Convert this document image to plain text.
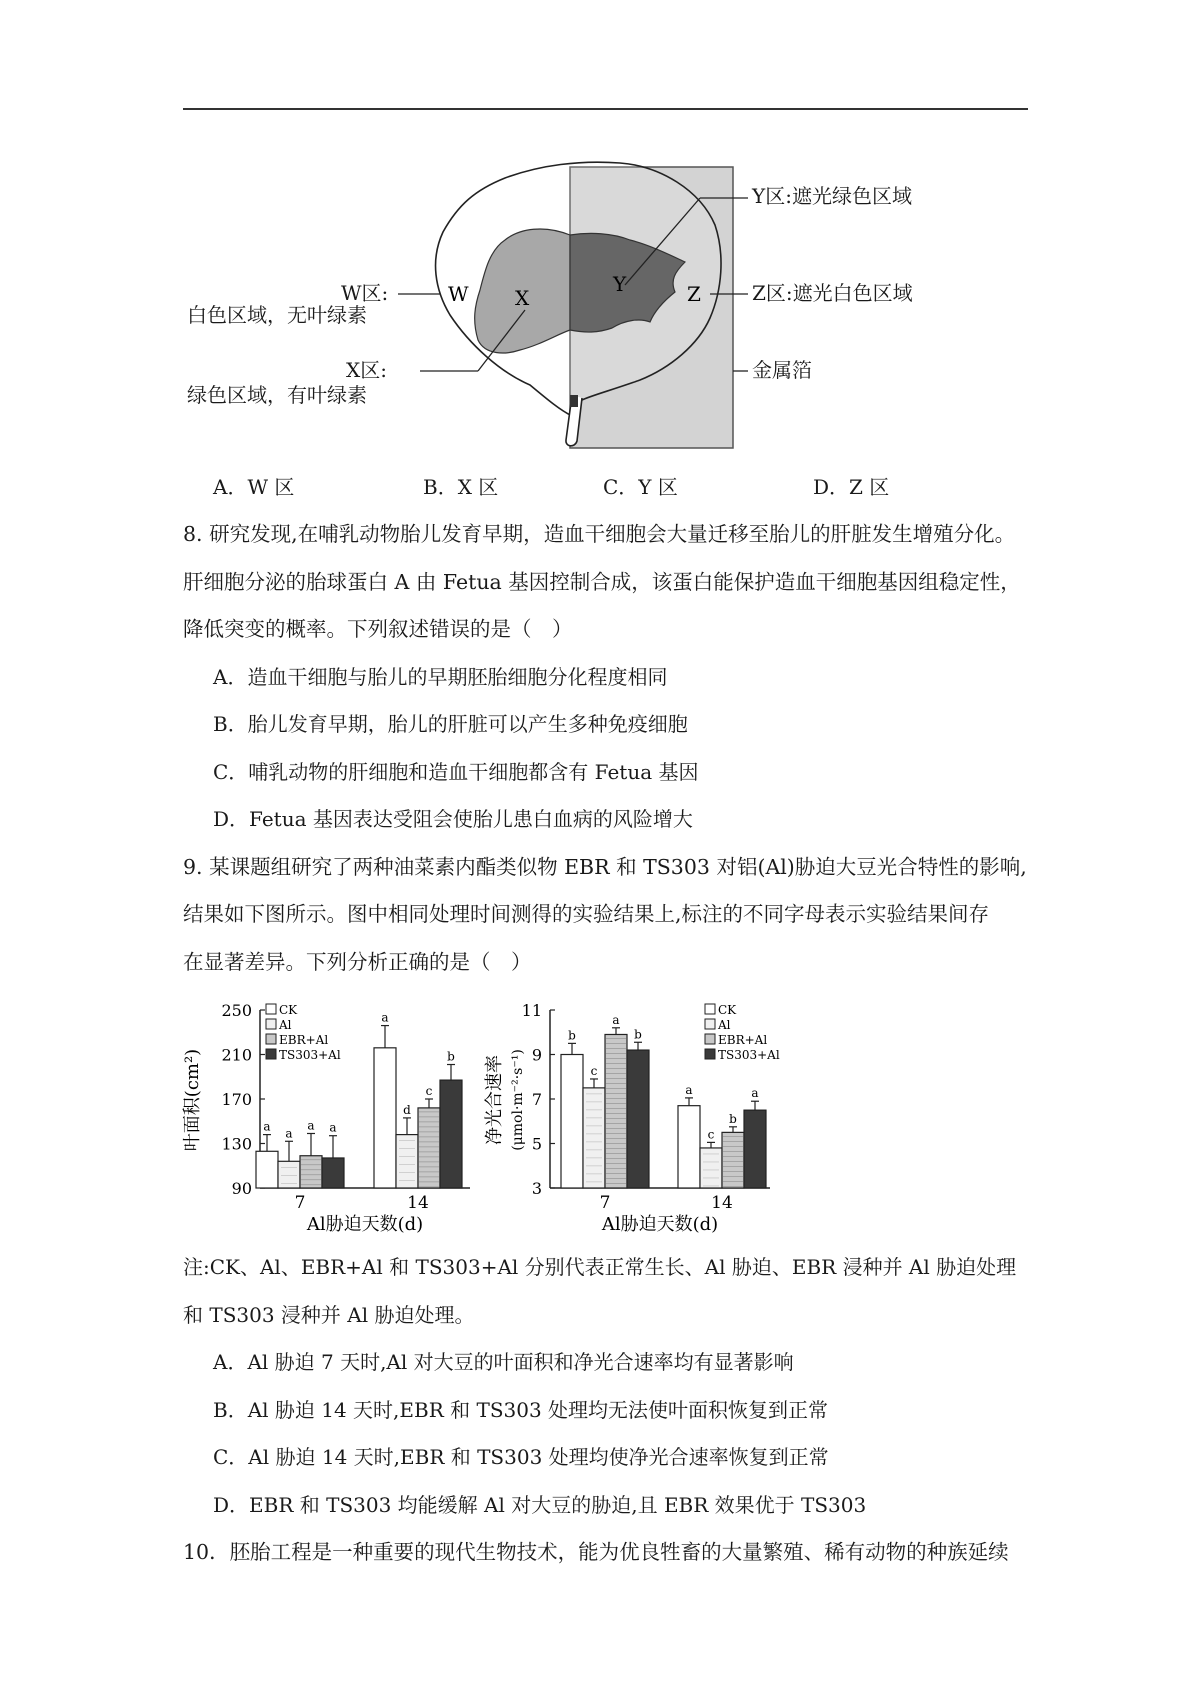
W X
Y	Z
Y区:遮光绿色区域
Z区:遮光白色区域
W区:
白色区域，无叶绿素
X区:
绿色区域，有叶绿素
金属箔
A．W 区	B．X 区	C．Y 区	D．Z 区
8. 研究发现,在哺乳动物胎儿发育早期，造血干细胞会大量迁移至胎儿的肝脏发生增殖分化。
肝细胞分泌的胎球蛋白 A 由 Fetua 基因控制合成，该蛋白能保护造血干细胞基因组稳定性，
降低突变的概率。下列叙述错误的是（　）
A．造血干细胞与胎儿的早期胚胎细胞分化程度相同
B．胎儿发育早期，胎儿的肝脏可以产生多种免疫细胞
C．哺乳动物的肝细胞和造血干细胞都含有 Fetua 基因
D．Fetua 基因表达受阻会使胎儿患白血病的风险增大
9. 某课题组研究了两种油菜素内酯类似物 EBR 和 TS303 对铝(Al)胁迫大豆光合特性的影响,
结果如下图所示。图中相同处理时间测得的实验结果上,标注的不同字母表示实验结果间存
在显著差异。下列分析正确的是（　）
90
130
170
210
250
a a
a a
7
a
d
c
b
14
Al胁迫天数(d)
叶面积(cm²)
CK
Al
EBR+Al
TS303+Al
3
5
7
9
11
b
c
a
b
7
a
c
b
a
14
Al胁迫天数(d)
净光合速率 (μmol·m⁻²·s⁻¹)
CK
Al
EBR+Al
TS303+Al
注:CK、Al、EBR+Al 和 TS303+Al 分别代表正常生长、Al 胁迫、EBR 浸种并 Al 胁迫处理
和 TS303 浸种并 Al 胁迫处理。
A．Al 胁迫 7 天时,Al 对大豆的叶面积和净光合速率均有显著影响
B．Al 胁迫 14 天时,EBR 和 TS303 处理均无法使叶面积恢复到正常
C．Al 胁迫 14 天时,EBR 和 TS303 处理均使净光合速率恢复到正常
D．EBR 和 TS303 均能缓解 Al 对大豆的胁迫,且 EBR 效果优于 TS303
10．胚胎工程是一种重要的现代生物技术，能为优良牲畜的大量繁殖、稀有动物的种族延续
